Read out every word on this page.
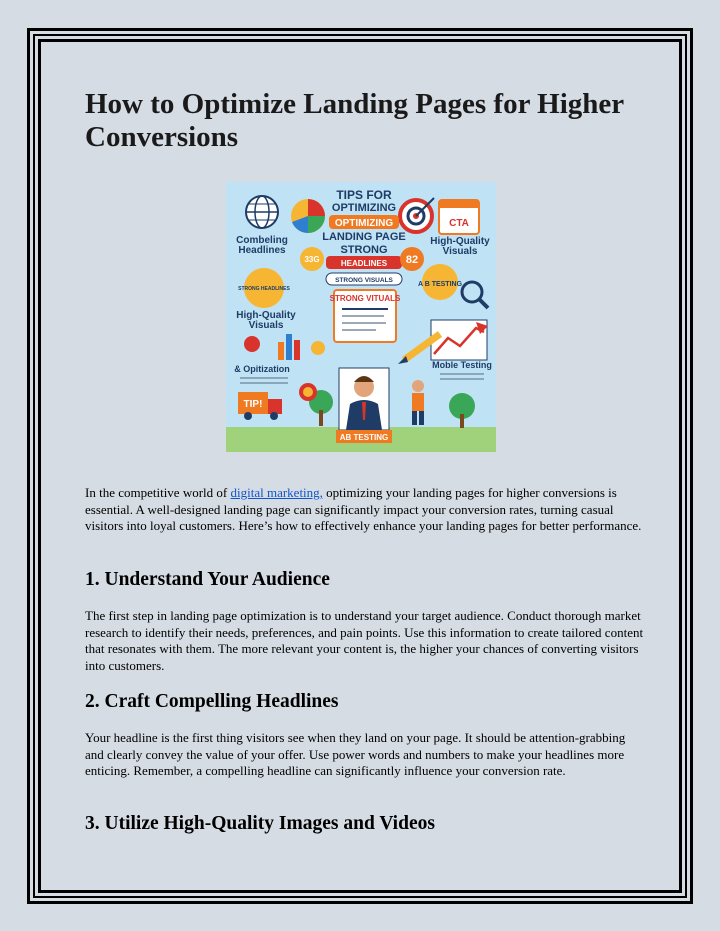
How to Optimize Landing Pages for Higher Conversions
CTA
TIPS FOR
OPTIMIZING
OPTIMIZING
LANDING PAGE
STRONG
HEADLINES
Combeling
Headlines
High-Quality
Visuals
33G	82
STRONG VISUALS
STRONG HEADLINES
A B TESTING
STRONG VITUALS
High-Quality
Visuals
Moble Testing
& Opitization
TIP!
AB TESTING

In the competitive world of digital marketing, optimizing your landing pages for higher conversions is essential. A well-designed landing page can significantly impact your conversion rates, turning casual visitors into loyal customers. Here’s how to effectively enhance your landing pages for better performance.

1. Understand Your Audience

The first step in landing page optimization is to understand your target audience. Conduct thorough market research to identify their needs, preferences, and pain points. Use this information to create tailored content that resonates with them. The more relevant your content is, the higher your chances of converting visitors into customers.

2. Craft Compelling Headlines

Your headline is the first thing visitors see when they land on your page. It should be attention-grabbing and clearly convey the value of your offer. Use power words and numbers to make your headlines more enticing. Remember, a compelling headline can significantly influence your conversion rate.

3. Utilize High-Quality Images and Videos
